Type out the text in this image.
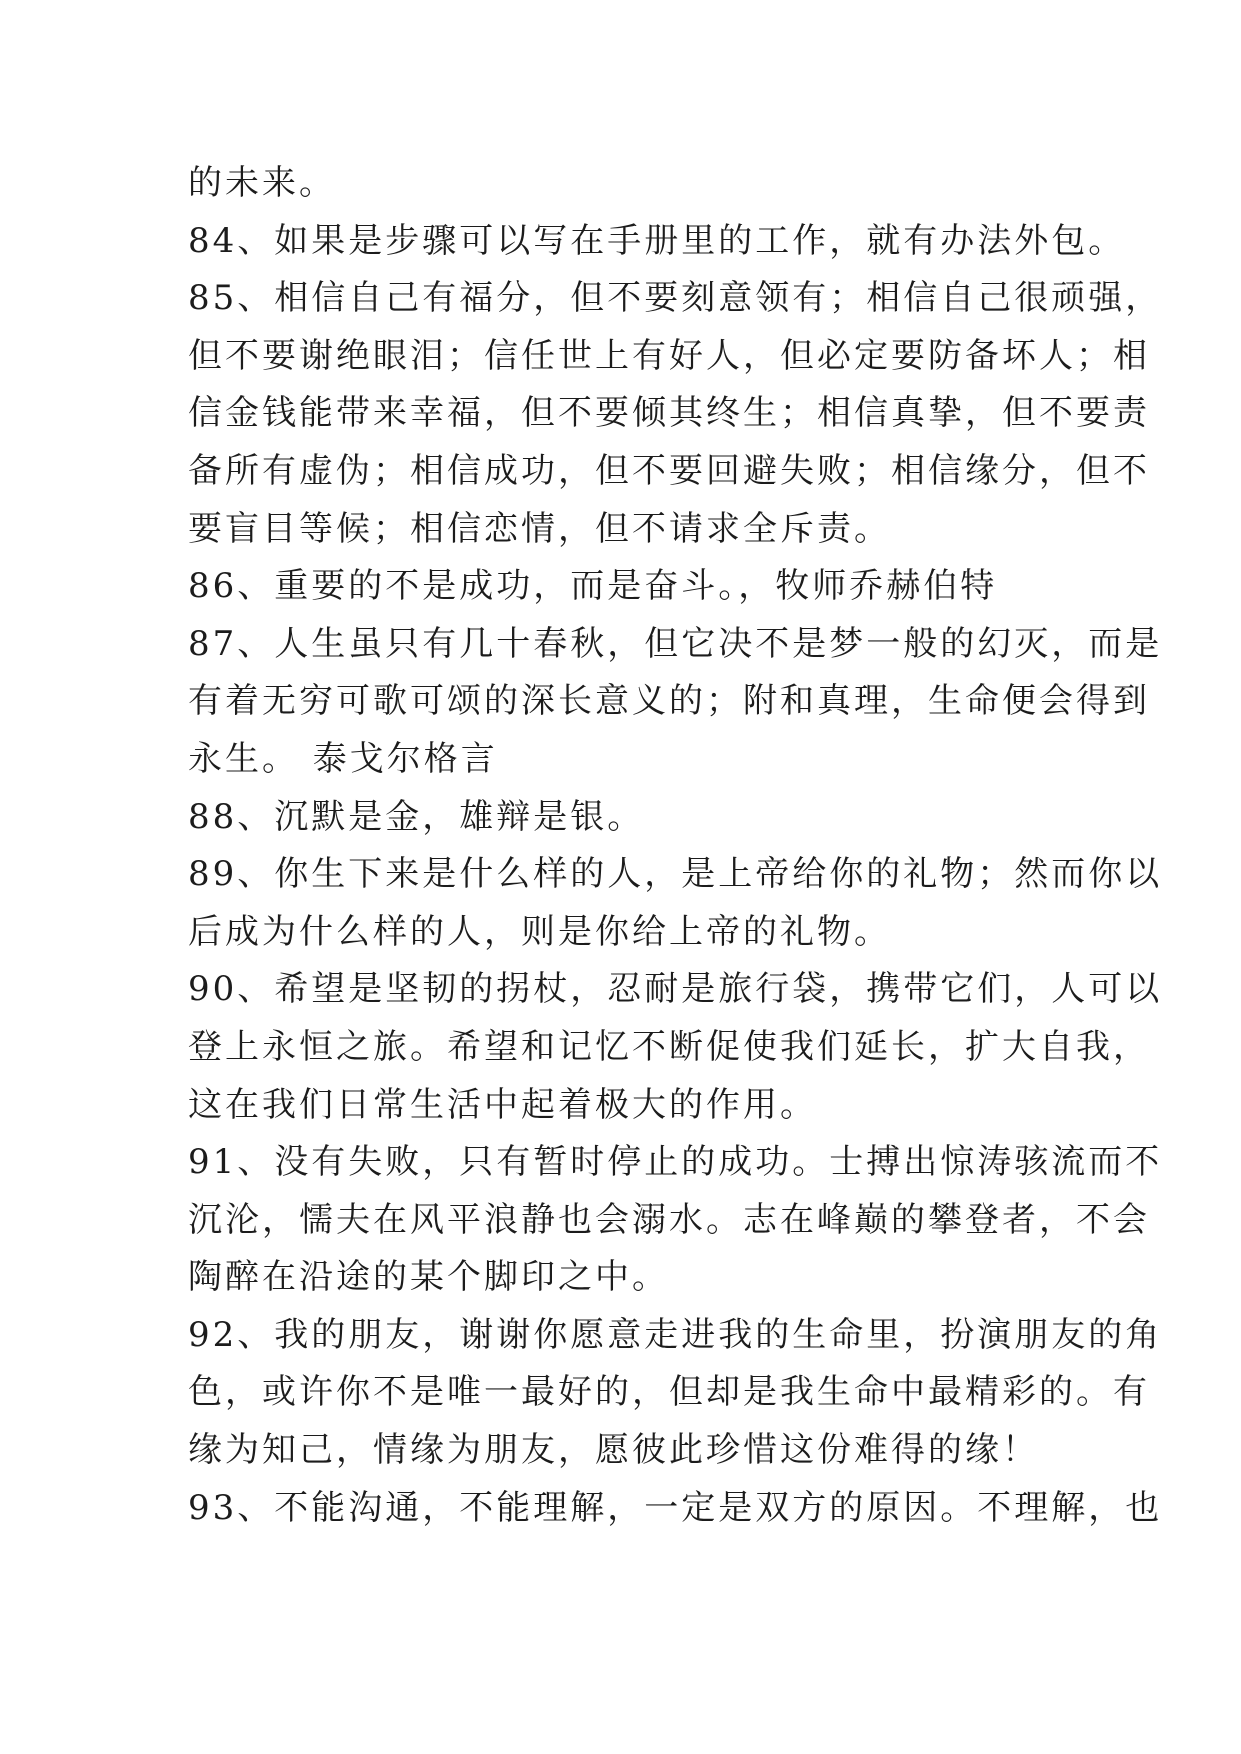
的未来。
84、如果是步骤可以写在手册里的工作，就有办法外包。
85、相信自己有福分，但不要刻意领有；相信自己很顽强，
但不要谢绝眼泪；信任世上有好人，但必定要防备坏人；相
信金钱能带来幸福，但不要倾其终生；相信真挚，但不要责
备所有虚伪；相信成功，但不要回避失败；相信缘分，但不
要盲目等候；相信恋情，但不请求全斥责。
86、重要的不是成功，而是奋斗。，牧师乔赫伯特
87、人生虽只有几十春秋，但它决不是梦一般的幻灭，而是
有着无穷可歌可颂的深长意义的；附和真理，生命便会得到
永生。 泰戈尔格言
88、沉默是金，雄辩是银。
89、你生下来是什么样的人，是上帝给你的礼物；然而你以
后成为什么样的人，则是你给上帝的礼物。
90、希望是坚韧的拐杖，忍耐是旅行袋，携带它们，人可以
登上永恒之旅。希望和记忆不断促使我们延长，扩大自我，
这在我们日常生活中起着极大的作用。
91、没有失败，只有暂时停止的成功。士搏出惊涛骇流而不
沉沦，懦夫在风平浪静也会溺水。志在峰巅的攀登者，不会
陶醉在沿途的某个脚印之中。
92、我的朋友，谢谢你愿意走进我的生命里，扮演朋友的角
色，或许你不是唯一最好的，但却是我生命中最精彩的。有
缘为知己，情缘为朋友，愿彼此珍惜这份难得的缘！
93、不能沟通，不能理解，一定是双方的原因。不理解，也
